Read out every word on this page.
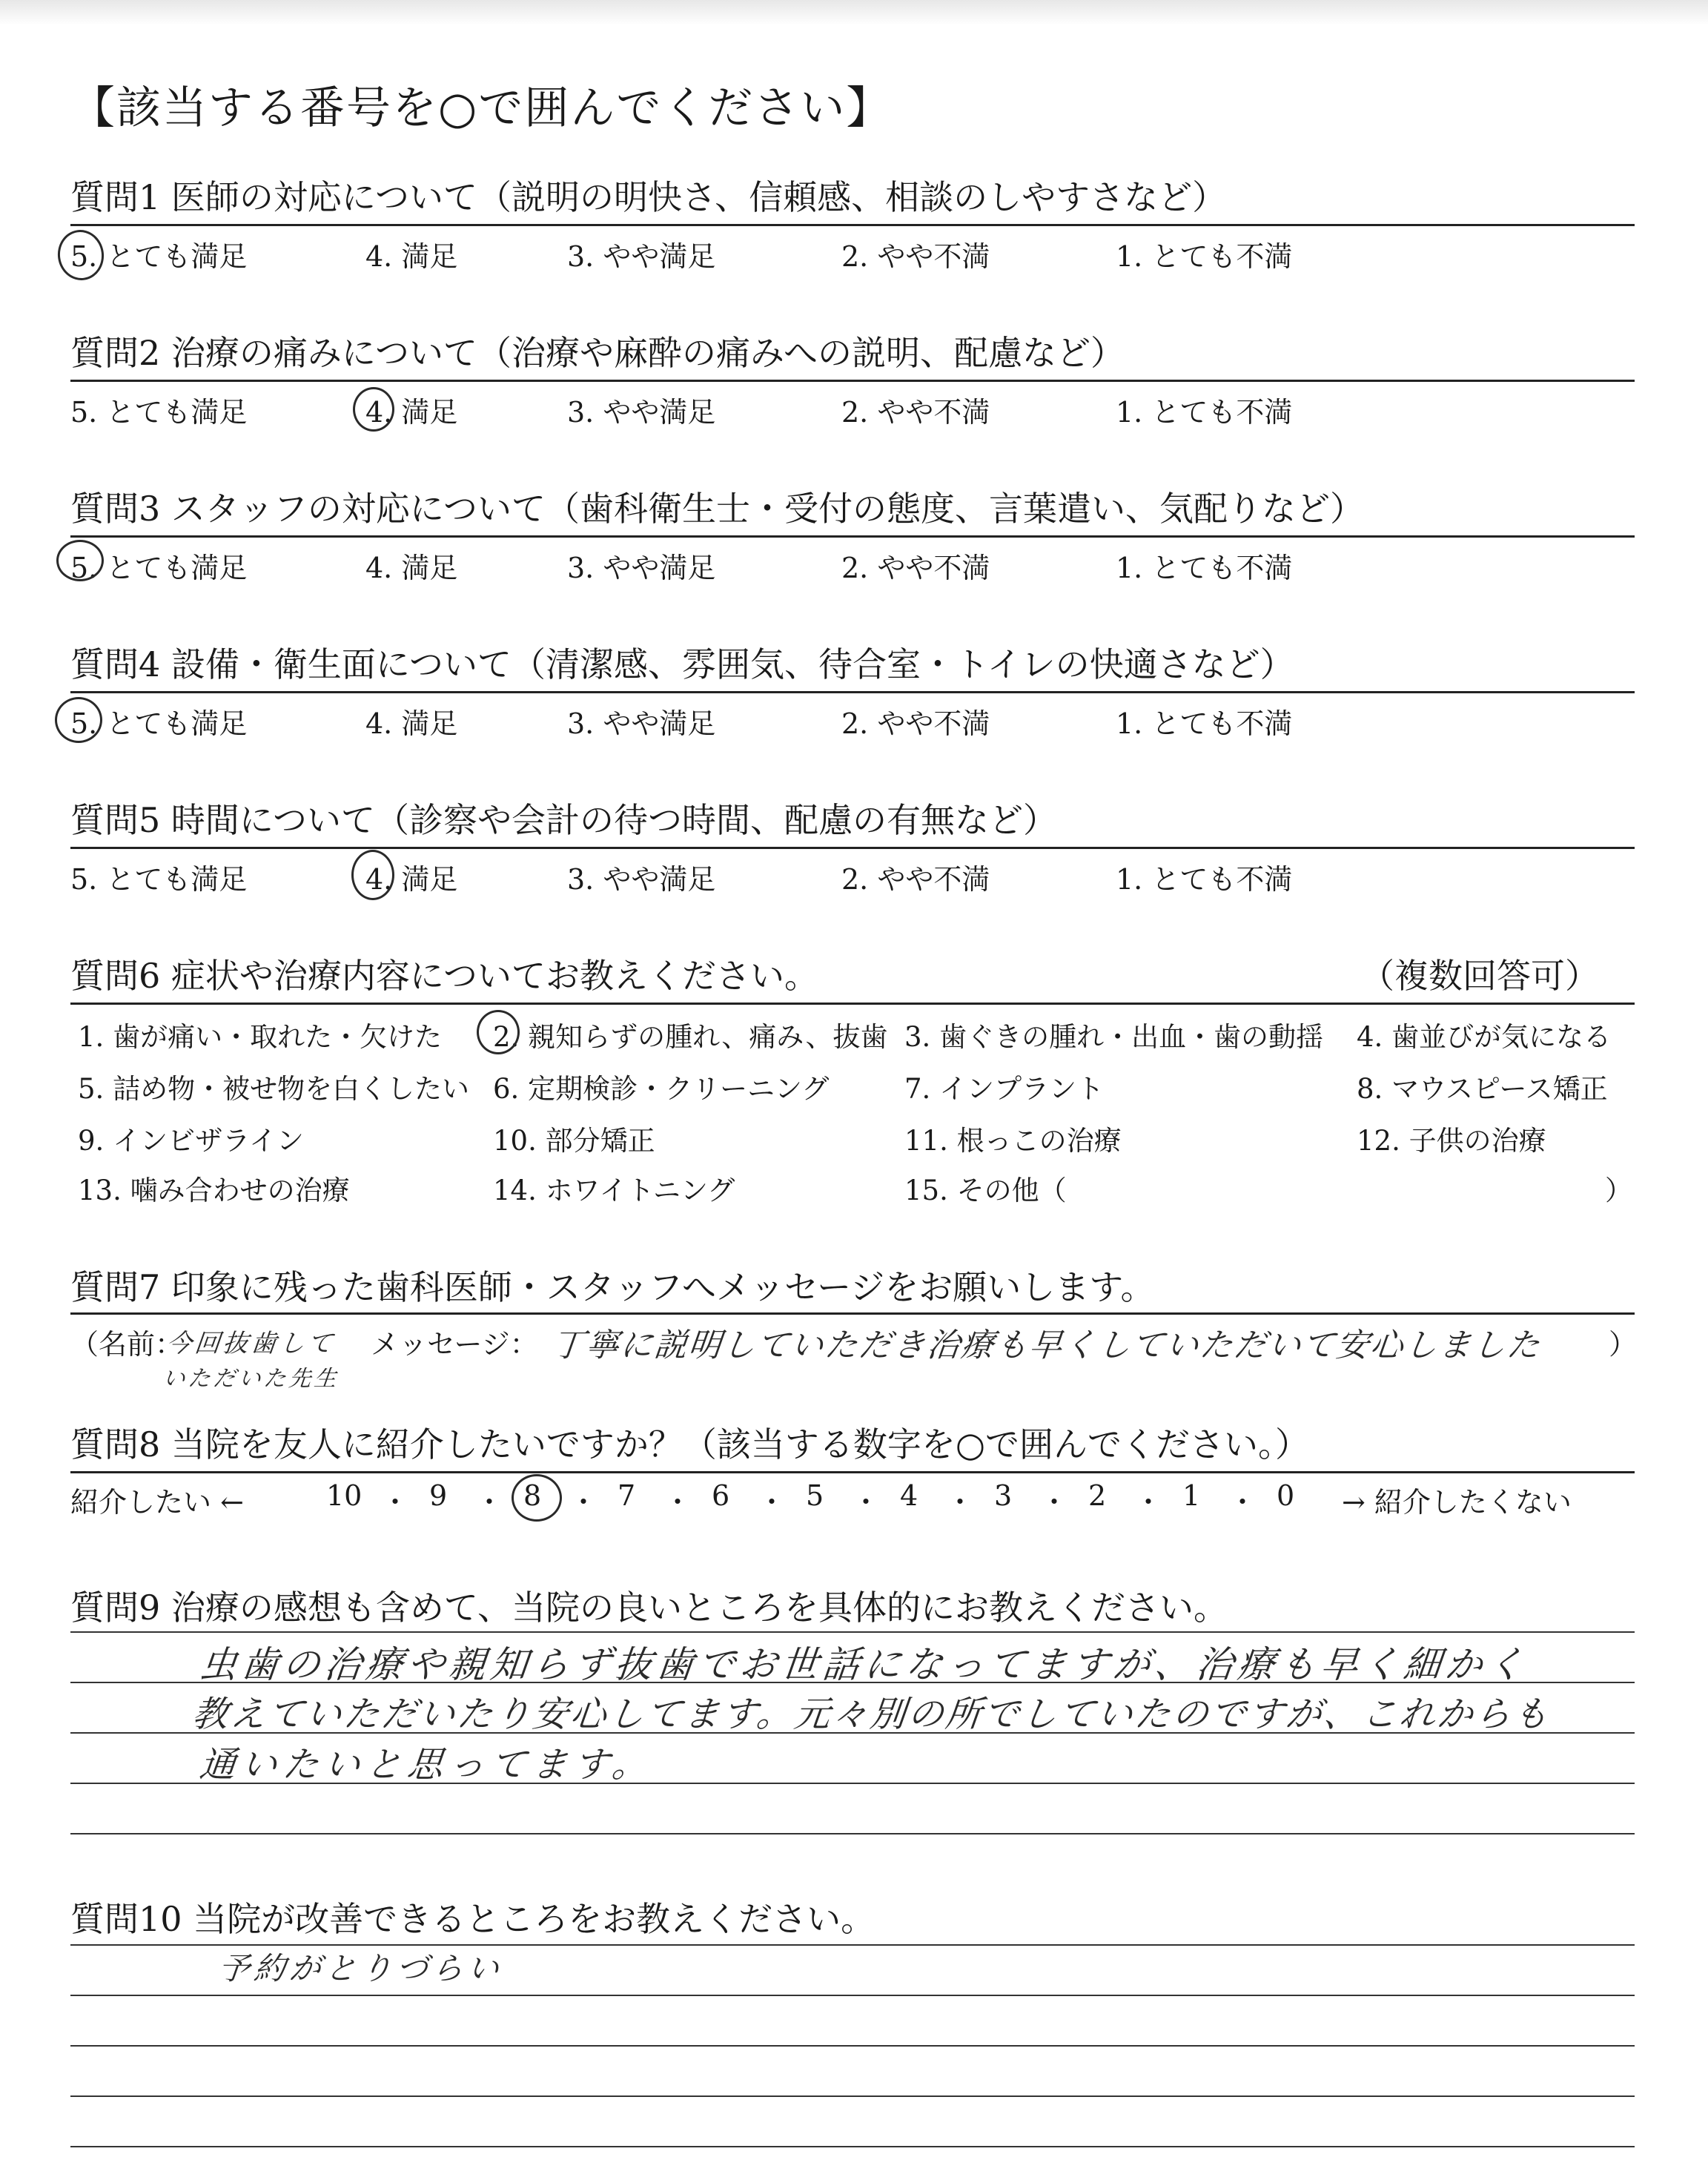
【該当する番号を○で囲んでください】
質問1 医師の対応について（説明の明快さ、信頼感、相談のしやすさなど）
5. とても満足	4. 満足	3. やや満足	2. やや不満	1. とても不満
質問2 治療の痛みについて（治療や麻酔の痛みへの説明、配慮など）
5. とても満足	4. 満足	3. やや満足	2. やや不満	1. とても不満
質問3 スタッフの対応について（歯科衛生士・受付の態度、言葉遣い、気配りなど）
5. とても満足	4. 満足	3. やや満足	2. やや不満	1. とても不満
質問4 設備・衛生面について（清潔感、雰囲気、待合室・トイレの快適さなど）
5. とても満足	4. 満足	3. やや満足	2. やや不満	1. とても不満
質問5 時間について（診察や会計の待つ時間、配慮の有無など）
5. とても満足	4. 満足	3. やや満足	2. やや不満	1. とても不満
質問6 症状や治療内容についてお教えください。	（複数回答可）
1. 歯が痛い・取れた・欠けた 2. 親知らずの腫れ、痛み、抜歯 3. 歯ぐきの腫れ・出血・歯の動揺 4. 歯並びが気になる
5. 詰め物・被せ物を白くしたい 6. 定期検診・クリーニング	7. インプラント	8. マウスピース矯正
9. インビザライン	10. 部分矯正	11. 根っこの治療	12. 子供の治療
13. 噛み合わせの治療	14. ホワイトニング	15. その他（	）
質問7 印象に残った歯科医師・スタッフへメッセージをお願いします。
（名前：
今回抜歯して
いただいた先生
メッセージ： 丁寧に説明していただき治療も早くしていただいて安心しました ）
質問8 当院を友人に紹介したいですか？（該当する数字を○で囲んでください。）
紹介したい ←	→ 紹介したくない
10 ・ 9 ・ 8 ・ 7 ・ 6 ・ 5 ・ 4 ・ 3 ・ 2 ・ 1 ・ 0
質問9 治療の感想も含めて、当院の良いところを具体的にお教えください。
虫歯の治療や親知らず抜歯でお世話になってますが、治療も早く細かく
教えていただいたり安心してます。元々別の所でしていたのですが、これからも
通いたいと思ってます。
質問10 当院が改善できるところをお教えください。
予約がとりづらい
